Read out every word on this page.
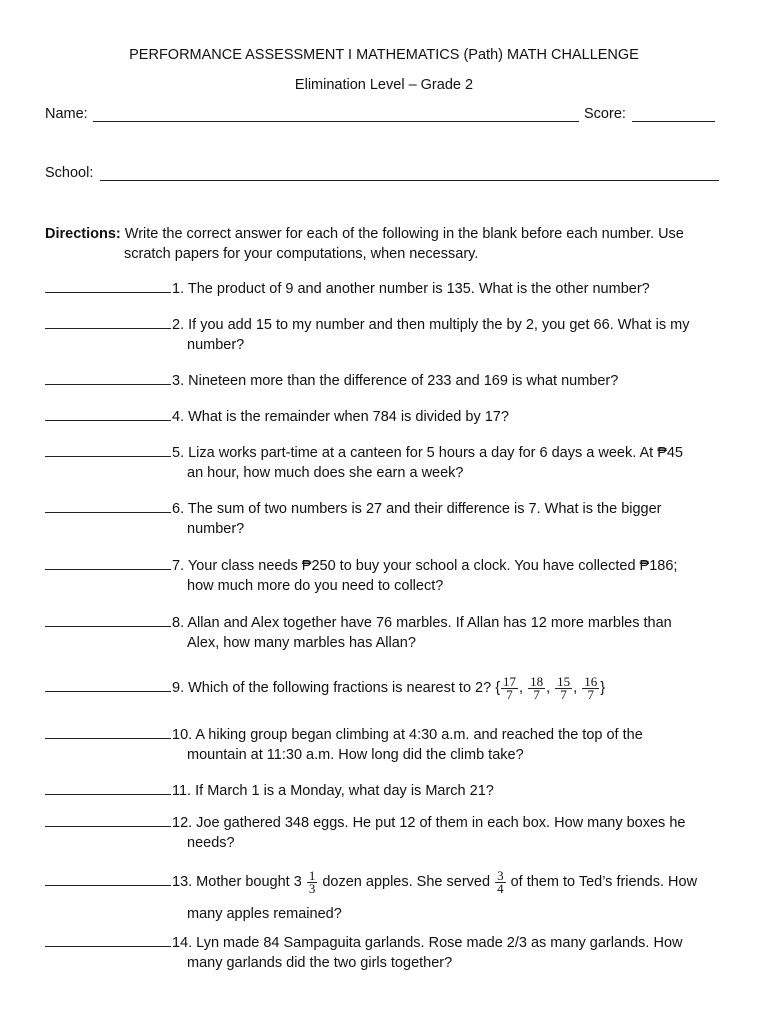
PERFORMANCE ASSESSMENT I MATHEMATICS (Path) MATH CHALLENGE
Elimination Level – Grade 2
Name:	Score:
School:
Directions: Write the correct answer for each of the following in the blank before each number. Use
scratch papers for your computations, when necessary.
1. The product of 9 and another number is 135. What is the other number?
2. If you add 15 to my number and then multiply the by 2, you get 66. What is my
number?
3. Nineteen more than the difference of 233 and 169 is what number?
4. What is the remainder when 784 is divided by 17?
5. Liza works part-time at a canteen for 5 hours a day for 6 days a week. At ₱45
an hour, how much does she earn a week?
6. The sum of two numbers is 27 and their difference is 7. What is the bigger
number?
7. Your class needs ₱250 to buy your school a clock. You have collected ₱186;
how much more do you need to collect?
8. Allan and Alex together have 76 marbles. If Allan has 12 more marbles than
Alex, how many marbles has Allan?
9. Which of the following fractions is nearest to 2? { $\frac{17}{7}$ , $\frac{18}{7}$ , $\frac{15}{7}$ , $\frac{16}{7}$ }
10. A hiking group began climbing at 4:30 a.m. and reached the top of the
mountain at 11:30 a.m. How long did the climb take?
11. If March 1 is a Monday, what day is March 21?
12. Joe gathered 348 eggs. He put 12 of them in each box. How many boxes he
needs?
13. Mother bought $3 \frac{1}{3}$ dozen apples. She served $\frac{3}{4}$ of them to Ted’s friends. How
many apples remained?
14. Lyn made 84 Sampaguita garlands. Rose made 2/3 as many garlands. How
many garlands did the two girls together?
